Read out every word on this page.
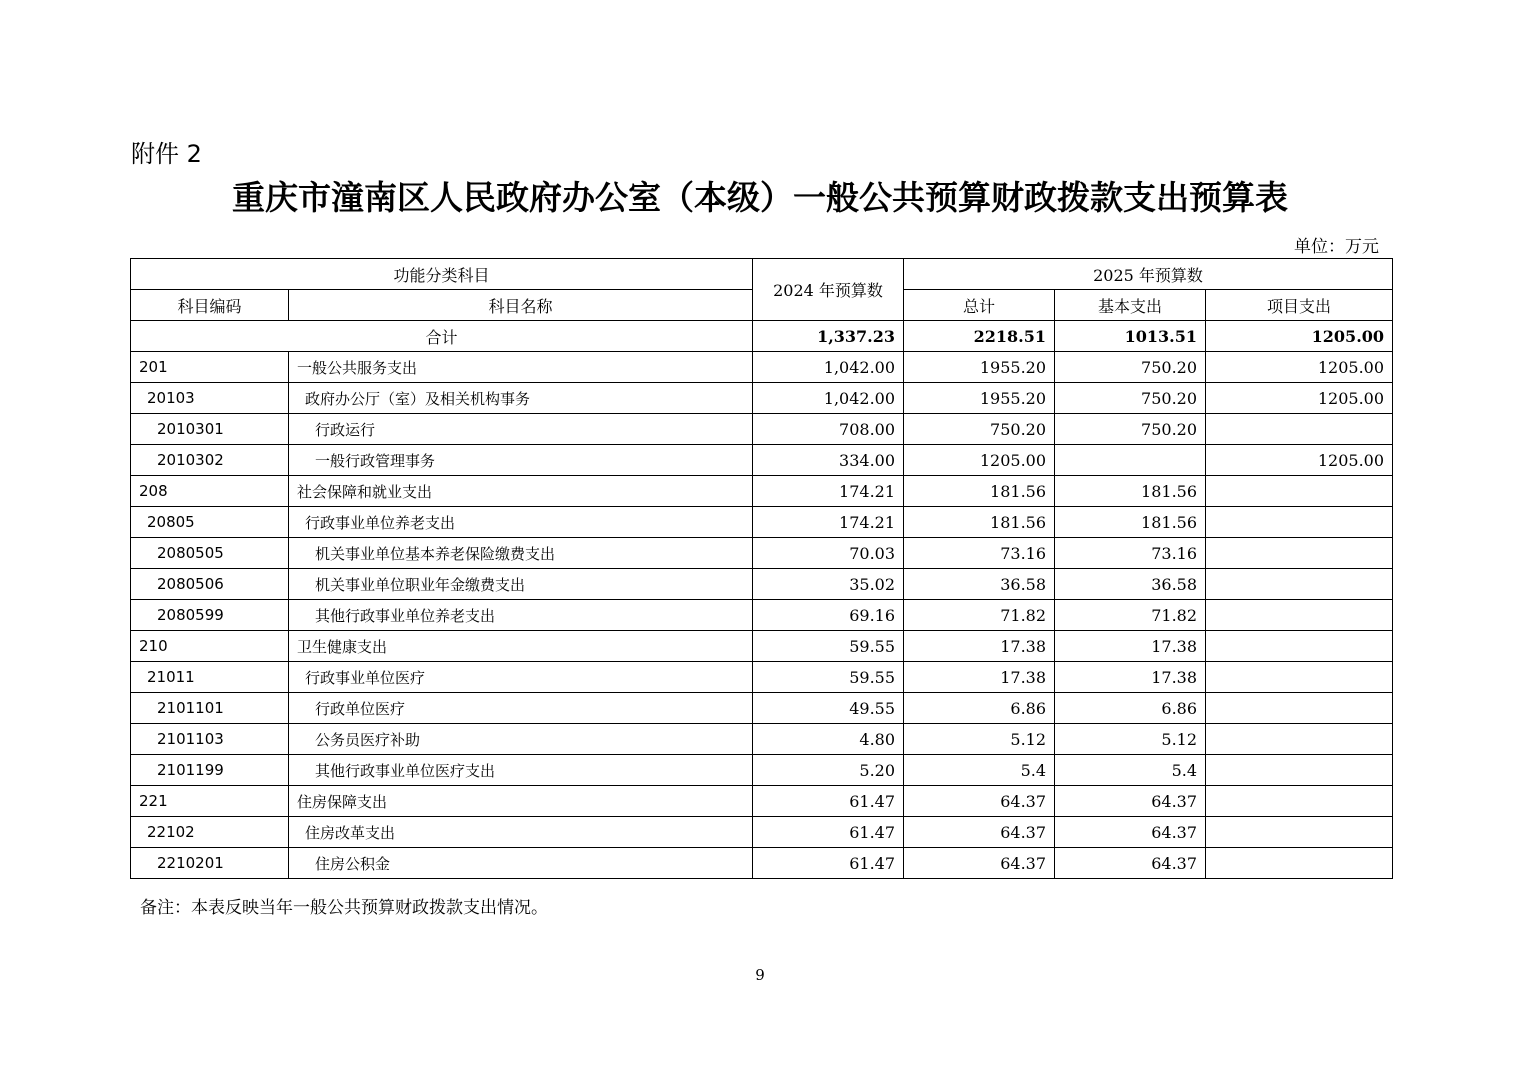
附件 2
重庆市潼南区人民政府办公室（本级）一般公共预算财政拨款支出预算表
单位：万元
功能分类科目		2024 年预算数	2025 年预算数		
科目编码	科目名称		总计	基本支出	项目支出
合计		1,337.23	2218.51	1013.51	1205.00
201	一般公共服务支出	1,042.00	1955.20	750.20	1205.00
20103	政府办公厅（室）及相关机构事务	1,042.00	1955.20	750.20	1205.00
2010301	行政运行	708.00	750.20	750.20	
2010302	一般行政管理事务	334.00	1205.00		1205.00
208	社会保障和就业支出	174.21	181.56	181.56	
20805	行政事业单位养老支出	174.21	181.56	181.56	
2080505	机关事业单位基本养老保险缴费支出	70.03	73.16	73.16	
2080506	机关事业单位职业年金缴费支出	35.02	36.58	36.58	
2080599	其他行政事业单位养老支出	69.16	71.82	71.82	
210	卫生健康支出	59.55	17.38	17.38	
21011	行政事业单位医疗	59.55	17.38	17.38	
2101101	行政单位医疗	49.55	6.86	6.86	
2101103	公务员医疗补助	4.80	5.12	5.12	
2101199	其他行政事业单位医疗支出	5.20	5.4	5.4	
221	住房保障支出	61.47	64.37	64.37	
22102	住房改革支出	61.47	64.37	64.37	
2210201	住房公积金	61.47	64.37	64.37	
备注：本表反映当年一般公共预算财政拨款支出情况。
9
